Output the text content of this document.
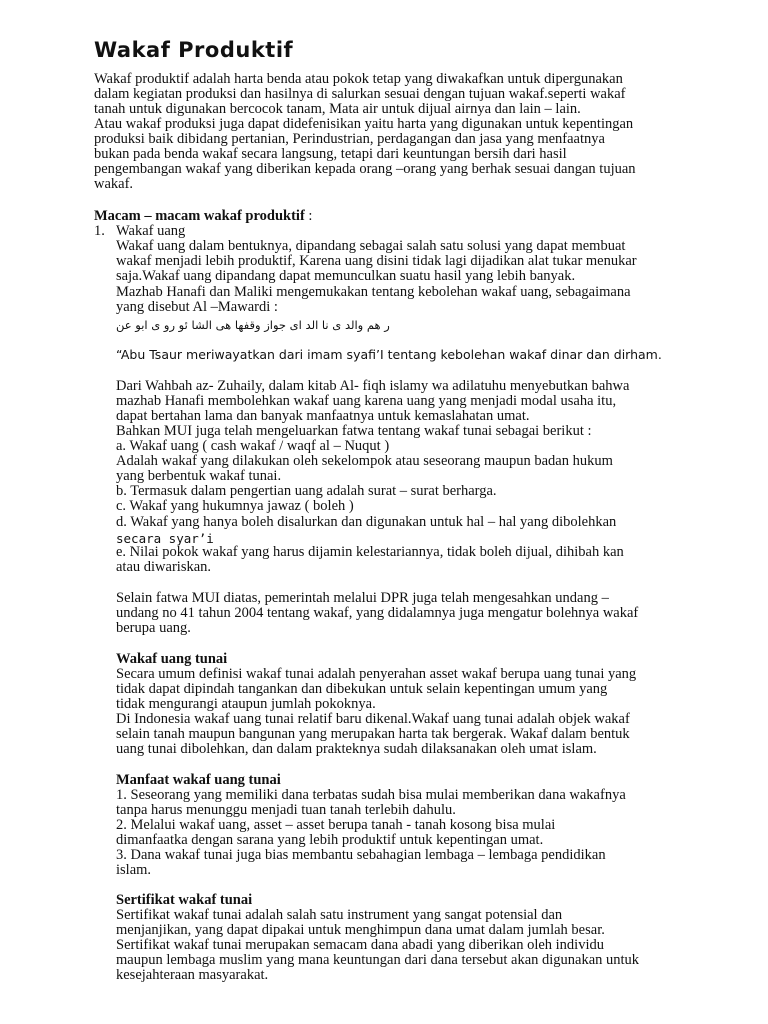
Wakaf Produktif
Wakaf produktif adalah harta benda atau pokok tetap yang diwakafkan untuk dipergunakan
dalam kegiatan produksi dan hasilnya di salurkan sesuai dengan tujuan wakaf.seperti wakaf
tanah untuk digunakan bercocok tanam, Mata air untuk dijual airnya dan lain – lain.
Atau wakaf produksi juga dapat didefenisikan yaitu harta yang digunakan untuk kepentingan
produksi baik dibidang pertanian, Perindustrian, perdagangan dan jasa yang menfaatnya
bukan pada benda wakaf secara langsung, tetapi dari keuntungan bersih dari hasil
pengembangan wakaf yang diberikan kepada orang –orang yang berhak sesuai dangan tujuan
wakaf.
Macam – macam wakaf produktif :
1. Wakaf uang
Wakaf uang dalam bentuknya, dipandang sebagai salah satu solusi yang dapat membuat
wakaf menjadi lebih produktif, Karena uang disini tidak lagi dijadikan alat tukar menukar
saja.Wakaf uang dipandang dapat memunculkan suatu hasil yang lebih banyak.
Mazhab Hanafi dan Maliki mengemukakan tentang kebolehan wakaf uang, sebagaimana
yang disebut Al –Mawardi :
ر هم والد ى نا الد اى جواز وقفها هى الشا ئو رو ى ابو عن
“Abu Tsaur meriwayatkan dari imam syafi’I tentang kebolehan wakaf dinar dan dirham.
Dari Wahbah az- Zuhaily, dalam kitab Al- fiqh islamy wa adilatuhu menyebutkan bahwa
mazhab Hanafi membolehkan wakaf uang karena uang yang menjadi modal usaha itu,
dapat bertahan lama dan banyak manfaatnya untuk kemaslahatan umat.
Bahkan MUI juga telah mengeluarkan fatwa tentang wakaf tunai sebagai berikut :
a. Wakaf uang ( cash wakaf / waqf al – Nuqut )
Adalah wakaf yang dilakukan oleh sekelompok atau seseorang maupun badan hukum
yang berbentuk wakaf tunai.
b. Termasuk dalam pengertian uang adalah surat – surat berharga.
c. Wakaf yang hukumnya jawaz ( boleh )
d. Wakaf yang hanya boleh disalurkan dan digunakan untuk hal – hal yang dibolehkan
secara syar’i
e. Nilai pokok wakaf yang harus dijamin kelestariannya, tidak boleh dijual, dihibah kan
atau diwariskan.
Selain fatwa MUI diatas, pemerintah melalui DPR juga telah mengesahkan undang –
undang no 41 tahun 2004 tentang wakaf, yang didalamnya juga mengatur bolehnya wakaf
berupa uang.
Wakaf uang tunai
Secara umum definisi wakaf tunai adalah penyerahan asset wakaf berupa uang tunai yang
tidak dapat dipindah tangankan dan dibekukan untuk selain kepentingan umum yang
tidak mengurangi ataupun jumlah pokoknya.
Di Indonesia wakaf uang tunai relatif baru dikenal.Wakaf uang tunai adalah objek wakaf
selain tanah maupun bangunan yang merupakan harta tak bergerak. Wakaf dalam bentuk
uang tunai dibolehkan, dan dalam prakteknya sudah dilaksanakan oleh umat islam.
Manfaat wakaf uang tunai
1. Seseorang yang memiliki dana terbatas sudah bisa mulai memberikan dana wakafnya
tanpa harus menunggu menjadi tuan tanah terlebih dahulu.
2. Melalui wakaf uang, asset – asset berupa tanah - tanah kosong bisa mulai
dimanfaatka dengan sarana yang lebih produktif untuk kepentingan umat.
3. Dana wakaf tunai juga bias membantu sebahagian lembaga – lembaga pendidikan
islam.
Sertifikat wakaf tunai
Sertifikat wakaf tunai adalah salah satu instrument yang sangat potensial dan
menjanjikan, yang dapat dipakai untuk menghimpun dana umat dalam jumlah besar.
Sertifikat wakaf tunai merupakan semacam dana abadi yang diberikan oleh individu
maupun lembaga muslim yang mana keuntungan dari dana tersebut akan digunakan untuk
kesejahteraan masyarakat.
